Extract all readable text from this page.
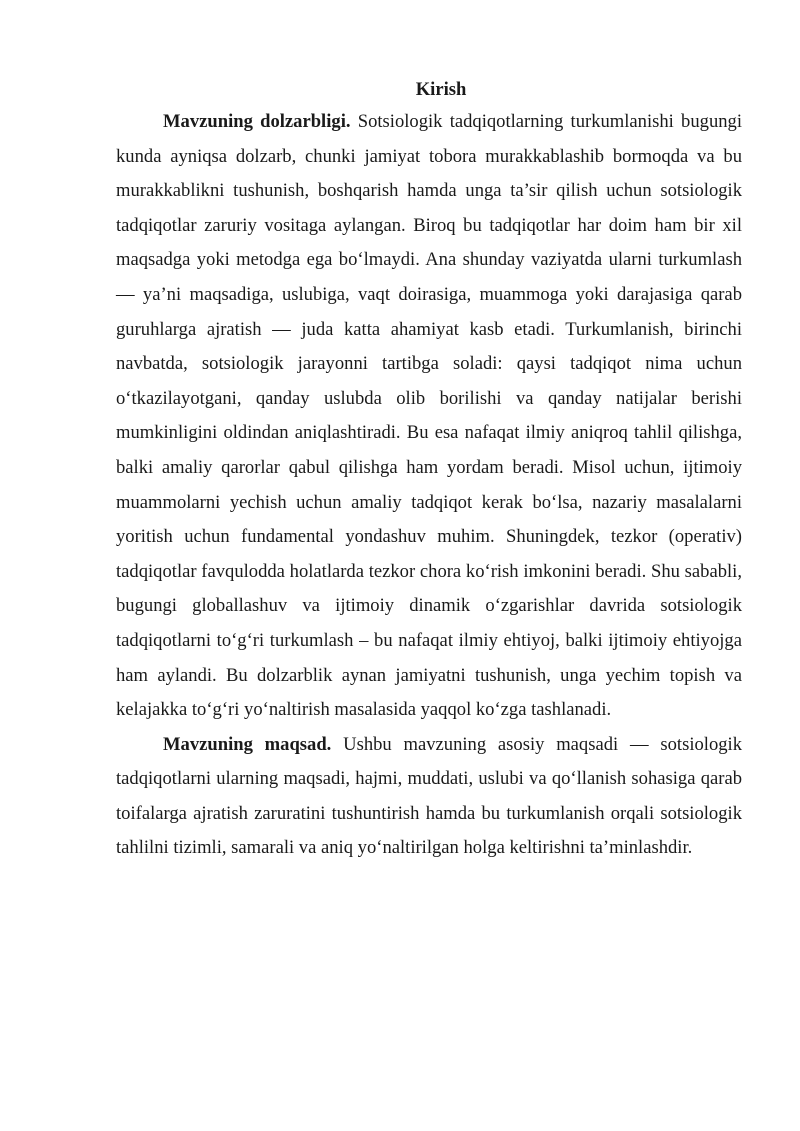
Kirish

Mavzuning dolzarbligi. Sotsiologik tadqiqotlarning turkumlanishi bugungi kunda ayniqsa dolzarb, chunki jamiyat tobora murakkablashib bormoqda va bu murakkablikni tushunish, boshqarish hamda unga ta’sir qilish uchun sotsiologik tadqiqotlar zaruriy vositaga aylangan. Biroq bu tadqiqotlar har doim ham bir xil maqsadga yoki metodga ega bo‘lmaydi. Ana shunday vaziyatda ularni turkumlash — ya’ni maqsadiga, uslubiga, vaqt doirasiga, muammoga yoki darajasiga qarab guruhlarga ajratish — juda katta ahamiyat kasb etadi. Turkumlanish, birinchi navbatda, sotsiologik jarayonni tartibga soladi: qaysi tadqiqot nima uchun o‘tkazilayotgani, qanday uslubda olib borilishi va qanday natijalar berishi mumkinligini oldindan aniqlashtiradi. Bu esa nafaqat ilmiy aniqroq tahlil qilishga, balki amaliy qarorlar qabul qilishga ham yordam beradi. Misol uchun, ijtimoiy muammolarni yechish uchun amaliy tadqiqot kerak bo‘lsa, nazariy masalalarni yoritish uchun fundamental yondashuv muhim. Shuningdek, tezkor (operativ) tadqiqotlar favqulodda holatlarda tezkor chora ko‘rish imkonini beradi. Shu sababli, bugungi globallashuv va ijtimoiy dinamik o‘zgarishlar davrida sotsiologik tadqiqotlarni to‘g‘ri turkumlash – bu nafaqat ilmiy ehtiyoj, balki ijtimoiy ehtiyojga ham aylandi. Bu dolzarblik aynan jamiyatni tushunish, unga yechim topish va kelajakka to‘g‘ri yo‘naltirish masalasida yaqqol ko‘zga tashlanadi.

Mavzuning maqsad. Ushbu mavzuning asosiy maqsadi — sotsiologik tadqiqotlarni ularning maqsadi, hajmi, muddati, uslubi va qo‘llanish sohasiga qarab toifalarga ajratish zaruratini tushuntirish hamda bu turkumlanish orqali sotsiologik tahlilni tizimli, samarali va aniq yo‘naltirilgan holga keltirishni ta’minlashdir.
